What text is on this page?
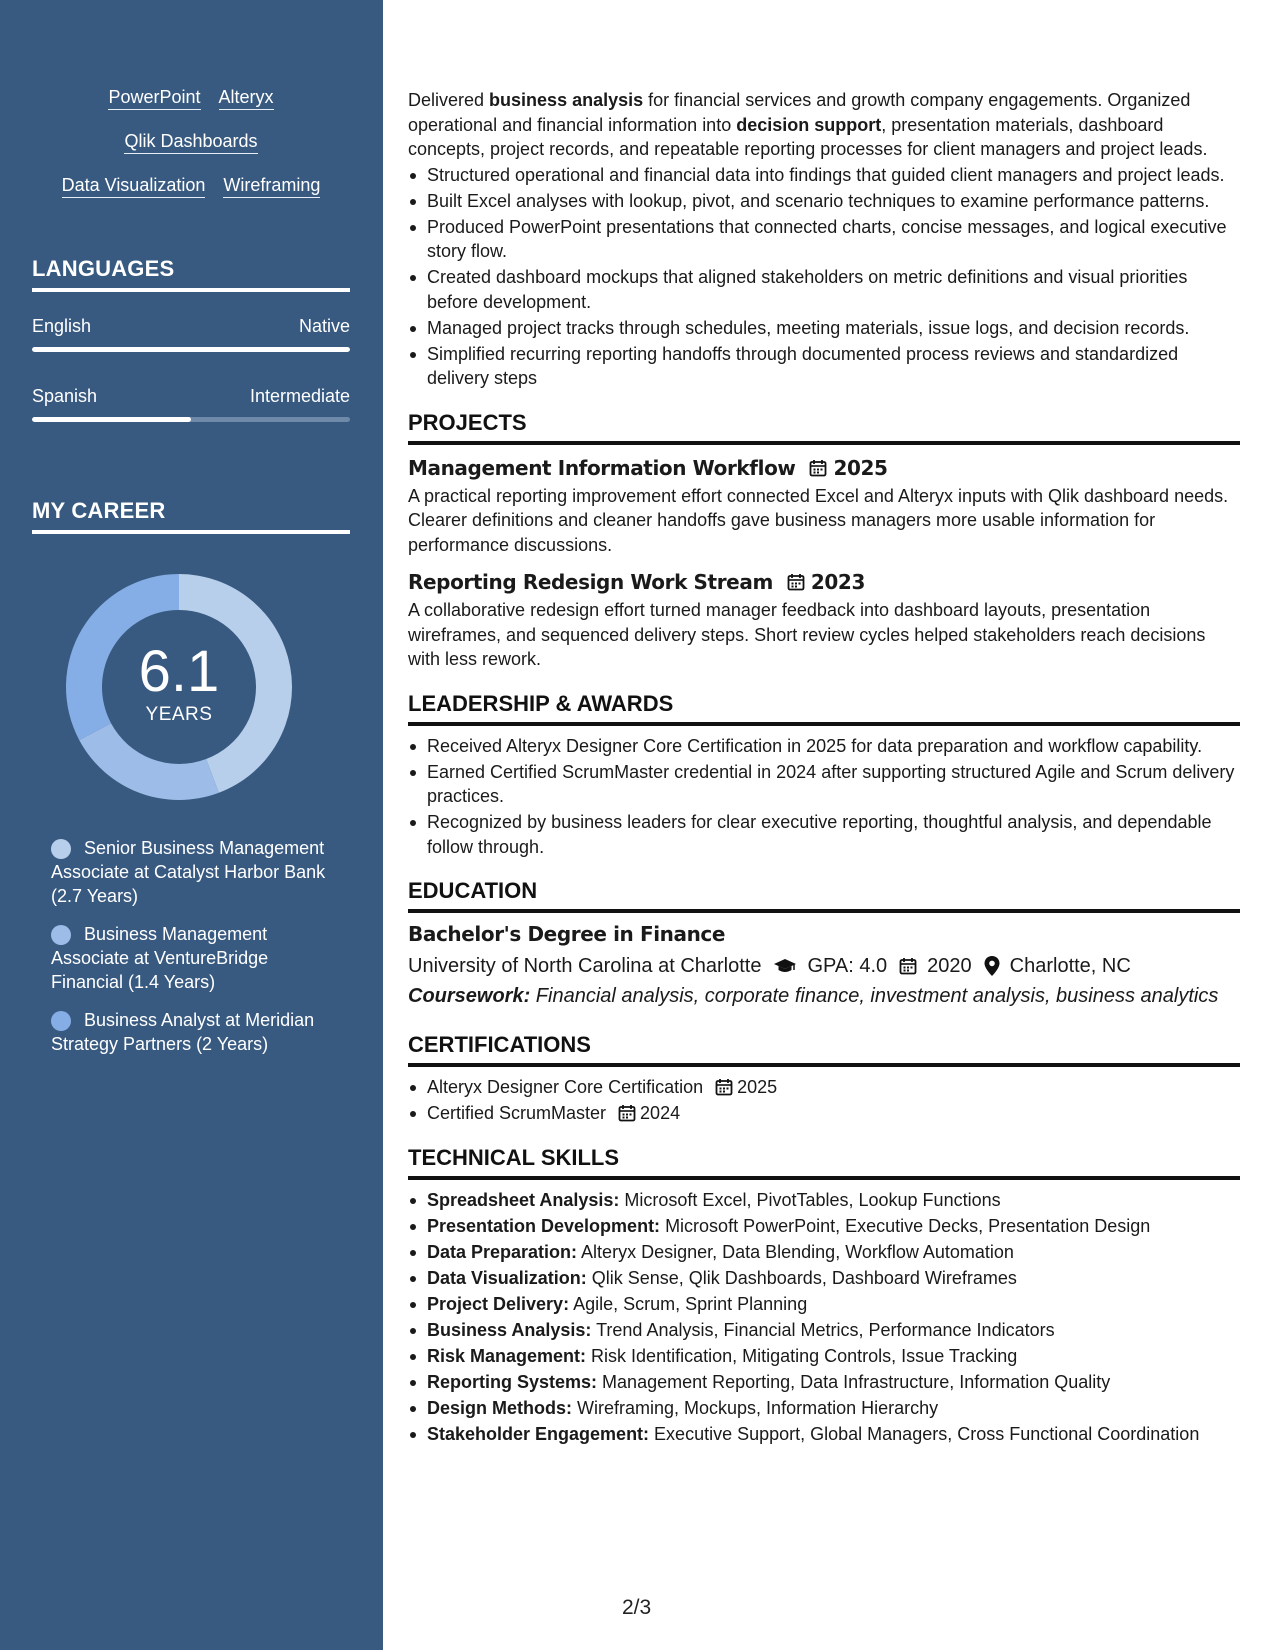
PowerPoint Alteryx
Qlik Dashboards
Data Visualization Wireframing
LANGUAGES
English	Native
Spanish	Intermediate
MY CAREER
6.1
YEARS
Senior Business Management Associate at Catalyst Harbor Bank (2.7 Years)
Business Management Associate at VentureBridge Financial (1.4 Years)
Business Analyst at Meridian Strategy Partners (2 Years)

Delivered business analysis for financial services and growth company engagements. Organized operational and financial information into decision support, presentation materials, dashboard concepts, project records, and repeatable reporting processes for client managers and project leads.

Structured operational and financial data into findings that guided client managers and project leads.
Built Excel analyses with lookup, pivot, and scenario techniques to examine performance patterns.
Produced PowerPoint presentations that connected charts, concise messages, and logical executive story flow.
Created dashboard mockups that aligned stakeholders on metric definitions and visual priorities before development.
Managed project tracks through schedules, meeting materials, issue logs, and decision records.
Simplified recurring reporting handoffs through documented process reviews and standardized delivery steps
PROJECTS
Management Information Workflow 2025

A practical reporting improvement effort connected Excel and Alteryx inputs with Qlik dashboard needs. Clearer definitions and cleaner handoffs gave business managers more usable information for performance discussions.

Reporting Redesign Work Stream 2023

A collaborative redesign effort turned manager feedback into dashboard layouts, presentation wireframes, and sequenced delivery steps. Short review cycles helped stakeholders reach decisions with less rework.

LEADERSHIP & AWARDS
Received Alteryx Designer Core Certification in 2025 for data preparation and workflow capability.
Earned Certified ScrumMaster credential in 2024 after supporting structured Agile and Scrum delivery practices.
Recognized by business leaders for clear executive reporting, thoughtful analysis, and dependable follow through.
EDUCATION
Bachelor's Degree in Finance
University of North Carolina at Charlotte GPA: 4.0 2020 Charlotte, NC
Coursework: Financial analysis, corporate finance, investment analysis, business analytics
CERTIFICATIONS
Alteryx Designer Core Certification 2025
Certified ScrumMaster 2024
TECHNICAL SKILLS
Spreadsheet Analysis: Microsoft Excel, PivotTables, Lookup Functions
Presentation Development: Microsoft PowerPoint, Executive Decks, Presentation Design
Data Preparation: Alteryx Designer, Data Blending, Workflow Automation
Data Visualization: Qlik Sense, Qlik Dashboards, Dashboard Wireframes
Project Delivery: Agile, Scrum, Sprint Planning
Business Analysis: Trend Analysis, Financial Metrics, Performance Indicators
Risk Management: Risk Identification, Mitigating Controls, Issue Tracking
Reporting Systems: Management Reporting, Data Infrastructure, Information Quality
Design Methods: Wireframing, Mockups, Information Hierarchy
Stakeholder Engagement: Executive Support, Global Managers, Cross Functional Coordination
2/3
